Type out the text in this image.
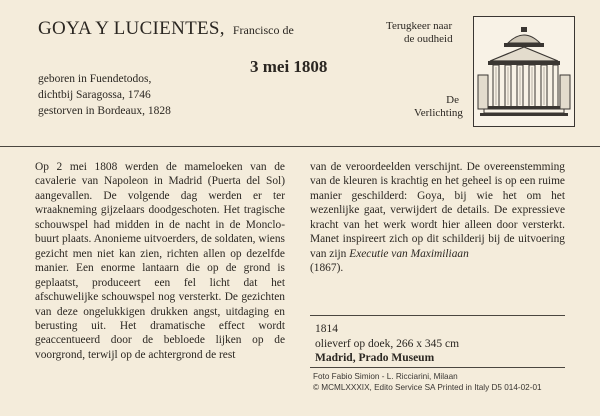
GOYA Y LUCIENTES, Francisco de
3 mei 1808
geboren in Fuendetodos,
dichtbij Saragossa, 1746
gestorven in Bordeaux, 1828
Terugkeer naar
de oudheid
De
Verlichting

Op 2 mei 1808 werden de mameloeken van de cavalerie van Napoleon in Madrid (Puerta del Sol) aangevallen. De volgende dag werden er ter wraakneming gijzelaars doodgeschoten. Het tragische schouwspel had midden in de nacht in de Monclo-buurt plaats. Anonieme uitvoerders, de soldaten, wiens gezicht men niet kan zien, richten allen op dezelfde manier. Een enorme lantaarn die op de grond is geplaatst, produceert een fel licht dat het afschuwelijke schouwspel nog versterkt. De gezichten van deze ongelukkigen drukken angst, uitdaging en berusting uit. Het dramatische effect wordt geaccentueerd door de bebloede lijken op de voorgrond, terwijl op de achtergrond de rest

van de veroordeelden verschijnt. De overeenstemming van de kleuren is krachtig en het geheel is op een ruime manier geschilderd: Goya, bij wie het om het wezenlijke gaat, verwijdert de details. De expressieve kracht van het werk wordt hier alleen door versterkt. Manet inspireert zich op dit schilderij bij de uitvoering van zijn Executie van Maximiliaan
(1867).

1814
olieverf op doek, 266 x 345 cm
Madrid, Prado Museum
Foto Fabio Simion - L. Ricciarini, Milaan
© MCMLXXXIX, Edito Service SA Printed in Italy D5 014-02-01
